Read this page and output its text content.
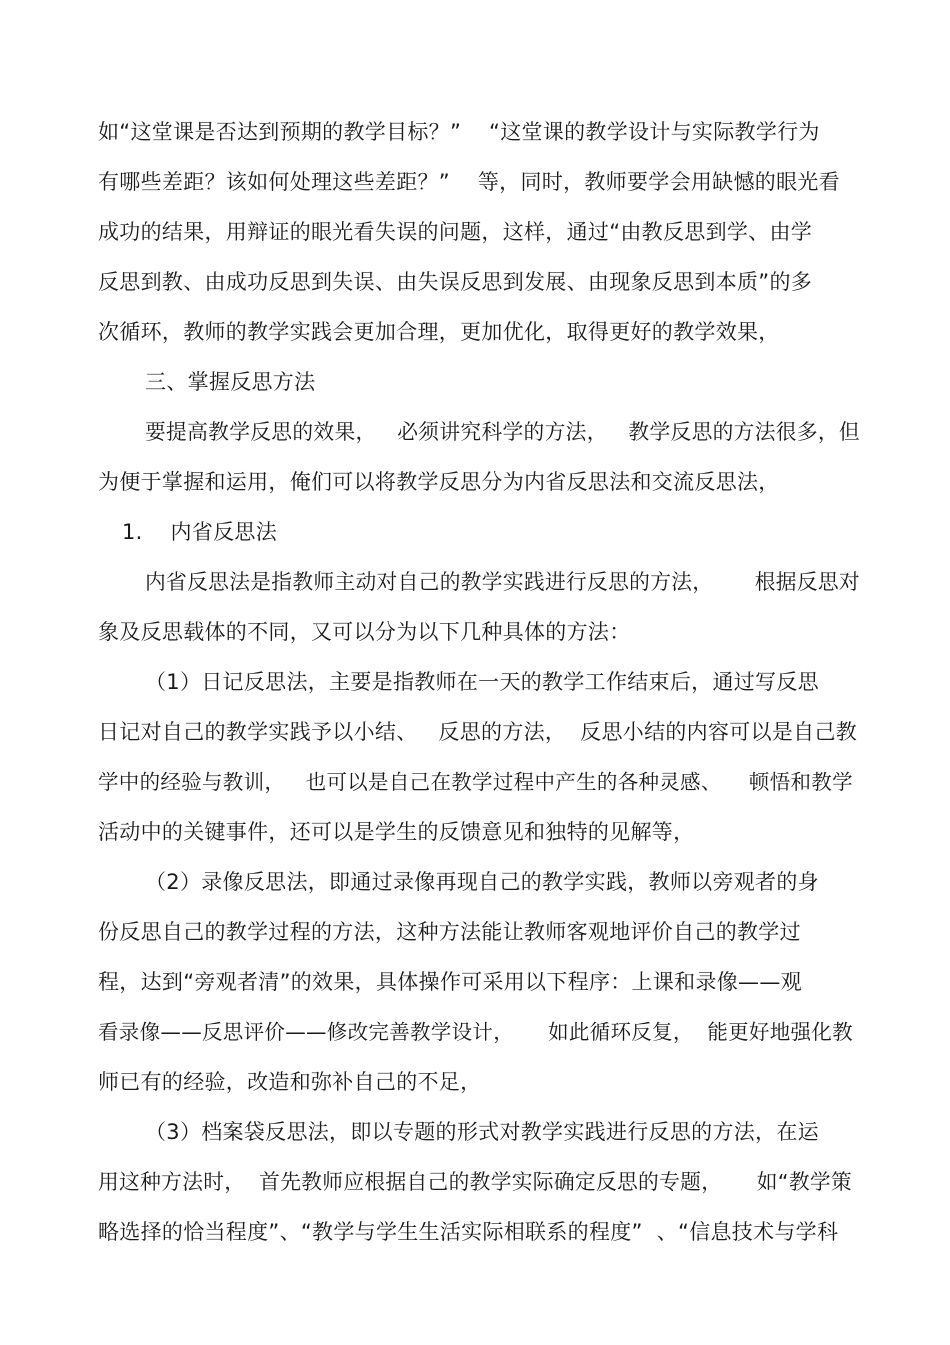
如“这堂课是否达到预期的教学目标？”    “这堂课的教学设计与实际教学行为
有哪些差距？该如何处理这些差距？”    等，同时，教师要学会用缺憾的眼光看
成功的结果，用辩证的眼光看失误的问题，这样，通过“由教反思到学、由学
反思到教、由成功反思到失误、由失误反思到发展、由现象反思到本质”的多
次循环，教师的教学实践会更加合理，更加优化，取得更好的教学效果，
三、掌握反思方法
要提高教学反思的效果，   必须讲究科学的方法，   教学反思的方法很多，但
为便于掌握和运用，俺们可以将教学反思分为内省反思法和交流反思法，
1.    内省反思法
内省反思法是指教师主动对自己的教学实践进行反思的方法，      根据反思对
象及反思载体的不同，又可以分为以下几种具体的方法：
（1）日记反思法，主要是指教师在一天的教学工作结束后，通过写反思
日记对自己的教学实践予以小结、   反思的方法，  反思小结的内容可以是自己教
学中的经验与教训，   也可以是自己在教学过程中产生的各种灵感、    顿悟和教学
活动中的关键事件，还可以是学生的反馈意见和独特的见解等，
（2）录像反思法，即通过录像再现自己的教学实践，教师以旁观者的身
份反思自己的教学过程的方法，这种方法能让教师客观地评价自己的教学过
程，达到“旁观者清”的效果，具体操作可采用以下程序：上课和录像——观
看录像——反思评价——修改完善教学设计，     如此循环反复，  能更好地强化教
师已有的经验，改造和弥补自己的不足，
（3）档案袋反思法，即以专题的形式对教学实践进行反思的方法，在运
用这种方法时，  首先教师应根据自己的教学实际确定反思的专题，     如“教学策
略选择的恰当程度”、“教学与学生生活实际相联系的程度”  、“信息技术与学科
